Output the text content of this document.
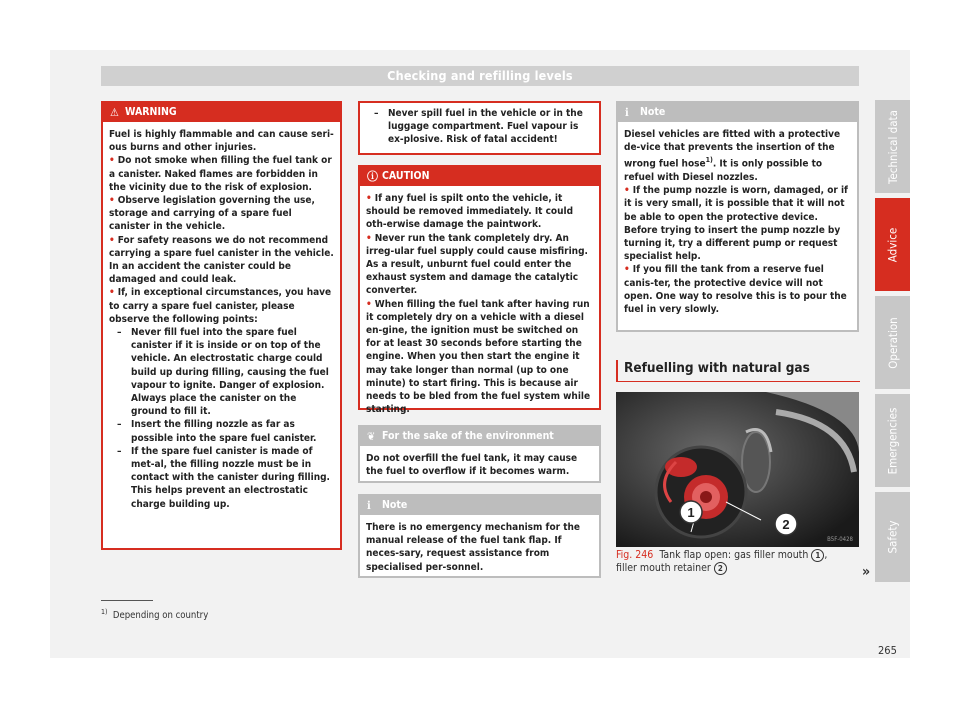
Checking and refilling levels
⚠ WARNING

Fuel is highly flammable and can cause seri-ous burns and other injuries.

• Do not smoke when filling the fuel tank or a canister. Naked flames are forbidden in the vicinity due to the risk of explosion.

• Observe legislation governing the use, storage and carrying of a spare fuel canister in the vehicle.

• For safety reasons we do not recommend carrying a spare fuel canister in the vehicle. In an accident the canister could be damaged and could leak.

• If, in exceptional circumstances, you have to carry a spare fuel canister, please observe the following points:

– Never fill fuel into the spare fuel canister if it is inside or on top of the vehicle. An electrostatic charge could build up during filling, causing the fuel vapour to ignite. Danger of explosion. Always place the canister on the ground to fill it.

– Insert the filling nozzle as far as possible into the spare fuel canister.

– If the spare fuel canister is made of met-al, the filling nozzle must be in contact with the canister during filling. This helps prevent an electrostatic charge building up.

– Never spill fuel in the vehicle or in the luggage compartment. Fuel vapour is ex-plosive. Risk of fatal accident!

ⓘ CAUTION

• If any fuel is spilt onto the vehicle, it should be removed immediately. It could oth-erwise damage the paintwork.

• Never run the tank completely dry. An irreg-ular fuel supply could cause misfiring. As a result, unburnt fuel could enter the exhaust system and damage the catalytic converter.

• When filling the fuel tank after having run it completely dry on a vehicle with a diesel en-gine, the ignition must be switched on for at least 30 seconds before starting the engine. When you then start the engine it may take longer than normal (up to one minute) to start firing. This is because air needs to be bled from the fuel system while starting.

❦ For the sake of the environment

Do not overfill the fuel tank, it may cause the fuel to overflow if it becomes warm.

ℹ Note

There is no emergency mechanism for the manual release of the fuel tank flap. If neces-sary, request assistance from specialised per-sonnel.

ℹ Note

Diesel vehicles are fitted with a protective de-vice that prevents the insertion of the wrong fuel hose$^{1)}$. It is only possible to refuel with Diesel nozzles.

• If the pump nozzle is worn, damaged, or if it is very small, it is possible that it will not be able to open the protective device. Before trying to insert the pump nozzle by turning it, try a different pump or request specialist help.

• If you fill the tank from a reserve fuel canis-ter, the protective device will not open. One way to resolve this is to pour the fuel in very slowly.

Refuelling with natural gas
1
2
B5F-0428
Fig. 246 Tank flap open: gas filler mouth 1 ,
filler mouth retainer 2	»
Technical data
Advice
Operation
Emergencies
Safety
$^{1)}$ Depending on country
265
